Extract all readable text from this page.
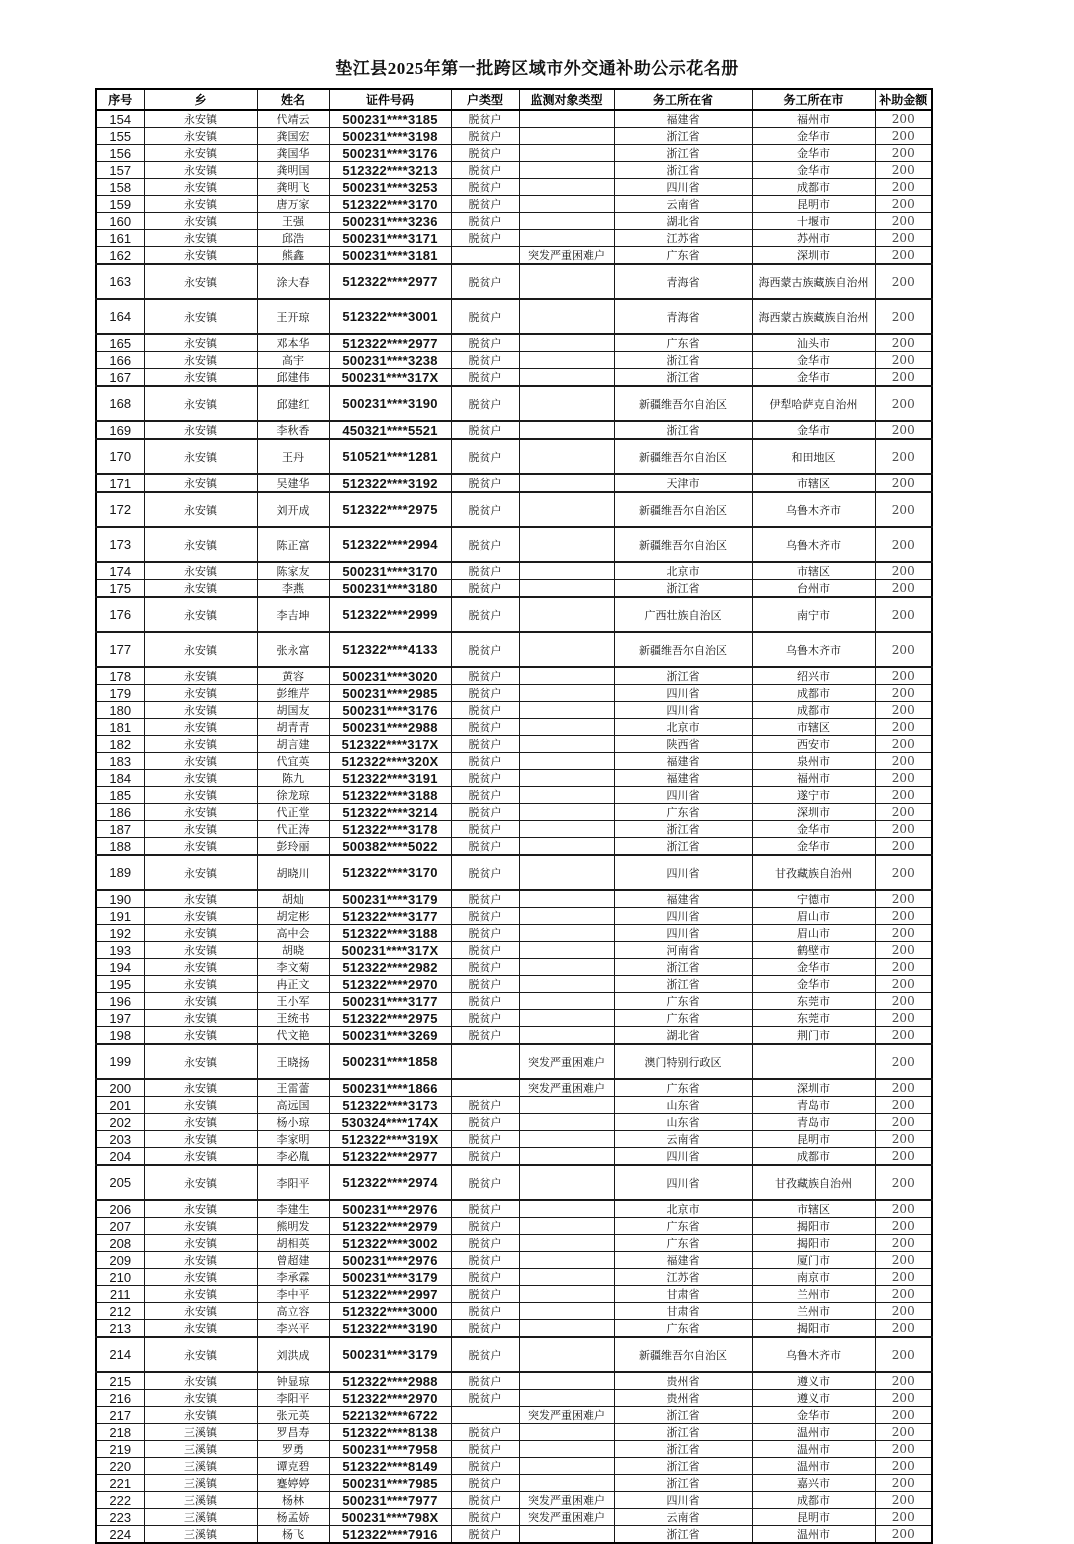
垫江县2025年第一批跨区域市外交通补助公示花名册
序号	乡	姓名	证件号码	户类型	监测对象类型	务工所在省	务工所在市	补助金额
154	永安镇	代靖云	500231****3185	脱贫户		福建省	福州市	200
155	永安镇	龚国宏	500231****3198	脱贫户		浙江省	金华市	200
156	永安镇	龚国华	500231****3176	脱贫户		浙江省	金华市	200
157	永安镇	龚明国	512322****3213	脱贫户		浙江省	金华市	200
158	永安镇	龚明飞	500231****3253	脱贫户		四川省	成都市	200
159	永安镇	唐万家	512322****3170	脱贫户		云南省	昆明市	200
160	永安镇	王强	500231****3236	脱贫户		湖北省	十堰市	200
161	永安镇	邱浩	500231****3171	脱贫户		江苏省	苏州市	200
162	永安镇	熊鑫	500231****3181		突发严重困难户	广东省	深圳市	200
163	永安镇	涂大春	512322****2977	脱贫户		青海省	海西蒙古族藏族自治州	200
164	永安镇	王开琼	512322****3001	脱贫户		青海省	海西蒙古族藏族自治州	200
165	永安镇	邓本华	512322****2977	脱贫户		广东省	汕头市	200
166	永安镇	高宇	500231****3238	脱贫户		浙江省	金华市	200
167	永安镇	邱建伟	500231****317X	脱贫户		浙江省	金华市	200
168	永安镇	邱建红	500231****3190	脱贫户		新疆维吾尔自治区	伊犁哈萨克自治州	200
169	永安镇	李秋香	450321****5521	脱贫户		浙江省	金华市	200
170	永安镇	王丹	510521****1281	脱贫户		新疆维吾尔自治区	和田地区	200
171	永安镇	吴建华	512322****3192	脱贫户		天津市	市辖区	200
172	永安镇	刘开成	512322****2975	脱贫户		新疆维吾尔自治区	乌鲁木齐市	200
173	永安镇	陈正富	512322****2994	脱贫户		新疆维吾尔自治区	乌鲁木齐市	200
174	永安镇	陈家友	500231****3170	脱贫户		北京市	市辖区	200
175	永安镇	李燕	500231****3180	脱贫户		浙江省	台州市	200
176	永安镇	李吉坤	512322****2999	脱贫户		广西壮族自治区	南宁市	200
177	永安镇	张永富	512322****4133	脱贫户		新疆维吾尔自治区	乌鲁木齐市	200
178	永安镇	黄容	500231****3020	脱贫户		浙江省	绍兴市	200
179	永安镇	彭维芹	500231****2985	脱贫户		四川省	成都市	200
180	永安镇	胡国友	500231****3176	脱贫户		四川省	成都市	200
181	永安镇	胡青青	500231****2988	脱贫户		北京市	市辖区	200
182	永安镇	胡言建	512322****317X	脱贫户		陕西省	西安市	200
183	永安镇	代宜英	512322****320X	脱贫户		福建省	泉州市	200
184	永安镇	陈九	512322****3191	脱贫户		福建省	福州市	200
185	永安镇	徐龙琼	512322****3188	脱贫户		四川省	遂宁市	200
186	永安镇	代正堂	512322****3214	脱贫户		广东省	深圳市	200
187	永安镇	代正涛	512322****3178	脱贫户		浙江省	金华市	200
188	永安镇	彭玲丽	500382****5022	脱贫户		浙江省	金华市	200
189	永安镇	胡晓川	512322****3170	脱贫户		四川省	甘孜藏族自治州	200
190	永安镇	胡灿	500231****3179	脱贫户		福建省	宁德市	200
191	永安镇	胡定彬	512322****3177	脱贫户		四川省	眉山市	200
192	永安镇	高中会	512322****3188	脱贫户		四川省	眉山市	200
193	永安镇	胡晓	500231****317X	脱贫户		河南省	鹤壁市	200
194	永安镇	李文菊	512322****2982	脱贫户		浙江省	金华市	200
195	永安镇	冉正文	512322****2970	脱贫户		浙江省	金华市	200
196	永安镇	王小军	500231****3177	脱贫户		广东省	东莞市	200
197	永安镇	王统书	512322****2975	脱贫户		广东省	东莞市	200
198	永安镇	代文艳	500231****3269	脱贫户		湖北省	荆门市	200
199	永安镇	王晓扬	500231****1858		突发严重困难户	澳门特别行政区		200
200	永安镇	王雷蕾	500231****1866		突发严重困难户	广东省	深圳市	200
201	永安镇	高远国	512322****3173	脱贫户		山东省	青岛市	200
202	永安镇	杨小琼	530324****174X	脱贫户		山东省	青岛市	200
203	永安镇	李家明	512322****319X	脱贫户		云南省	昆明市	200
204	永安镇	李必胤	512322****2977	脱贫户		四川省	成都市	200
205	永安镇	李阳平	512322****2974	脱贫户		四川省	甘孜藏族自治州	200
206	永安镇	李建生	500231****2976	脱贫户		北京市	市辖区	200
207	永安镇	熊明发	512322****2979	脱贫户		广东省	揭阳市	200
208	永安镇	胡相英	512322****3002	脱贫户		广东省	揭阳市	200
209	永安镇	曾超建	500231****2976	脱贫户		福建省	厦门市	200
210	永安镇	李承霖	500231****3179	脱贫户		江苏省	南京市	200
211	永安镇	李中平	512322****2997	脱贫户		甘肃省	兰州市	200
212	永安镇	高立容	512322****3000	脱贫户		甘肃省	兰州市	200
213	永安镇	李兴平	512322****3190	脱贫户		广东省	揭阳市	200
214	永安镇	刘洪成	500231****3179	脱贫户		新疆维吾尔自治区	乌鲁木齐市	200
215	永安镇	钟显琼	512322****2988	脱贫户		贵州省	遵义市	200
216	永安镇	李阳平	512322****2970	脱贫户		贵州省	遵义市	200
217	永安镇	张元英	522132****6722		突发严重困难户	浙江省	金华市	200
218	三溪镇	罗昌寿	512322****8138	脱贫户		浙江省	温州市	200
219	三溪镇	罗勇	500231****7958	脱贫户		浙江省	温州市	200
220	三溪镇	谭克碧	512322****8149	脱贫户		浙江省	温州市	200
221	三溪镇	蹇婷婷	500231****7985	脱贫户		浙江省	嘉兴市	200
222	三溪镇	杨林	500231****7977	脱贫户	突发严重困难户	四川省	成都市	200
223	三溪镇	杨孟娇	500231****798X	脱贫户	突发严重困难户	云南省	昆明市	200
224	三溪镇	杨飞	512322****7916	脱贫户		浙江省	温州市	200
